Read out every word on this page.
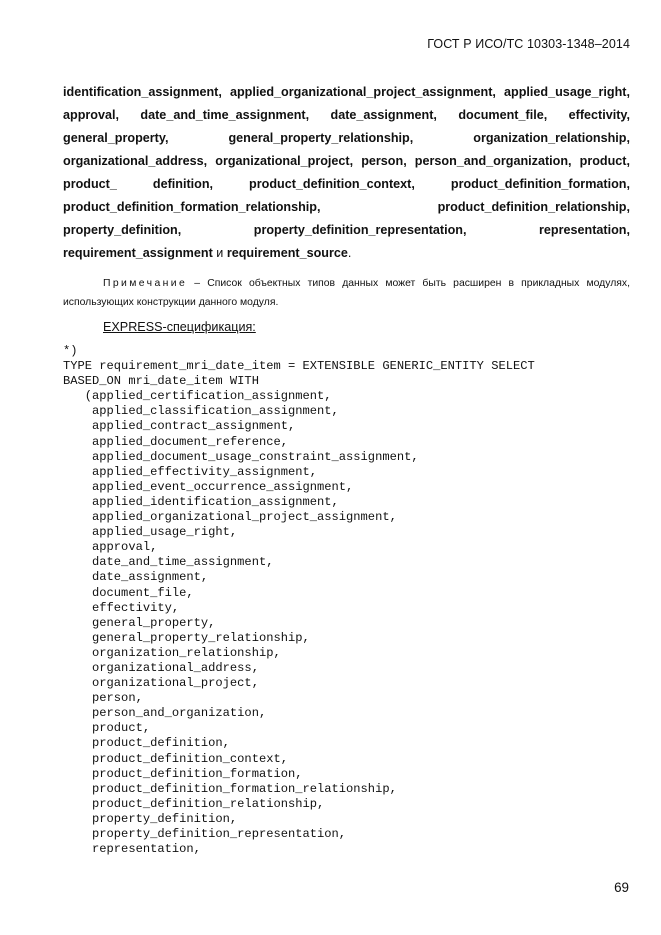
ГОСТ Р ИСО/ТС 10303-1348–2014
identification_assignment, applied_organizational_project_assignment, applied_usage_right, approval, date_and_time_assignment, date_assignment, document_file, effectivity, general_property, general_property_relationship, organization_relationship, organizational_address, organizational_project, person, person_and_organization, product, product_ definition, product_definition_context, product_definition_formation, product_definition_formation_relationship, product_definition_relationship, property_definition, property_definition_representation, representation, requirement_assignment и requirement_source.
Примечание – Список объектных типов данных может быть расширен в прикладных модулях, использующих конструкции данного модуля.
EXPRESS-спецификация:
*)
TYPE requirement_mri_date_item = EXTENSIBLE GENERIC_ENTITY SELECT
BASED_ON mri_date_item WITH
(applied_certification_assignment,
applied_classification_assignment,
applied_contract_assignment,
applied_document_reference,
applied_document_usage_constraint_assignment,
applied_effectivity_assignment,
applied_event_occurrence_assignment,
applied_identification_assignment,
applied_organizational_project_assignment,
applied_usage_right,
approval,
date_and_time_assignment,
date_assignment,
document_file,
effectivity,
general_property,
general_property_relationship,
organization_relationship,
organizational_address,
organizational_project,
person,
person_and_organization,
product,
product_definition,
product_definition_context,
product_definition_formation,
product_definition_formation_relationship,
product_definition_relationship,
property_definition,
property_definition_representation,
representation,
69
